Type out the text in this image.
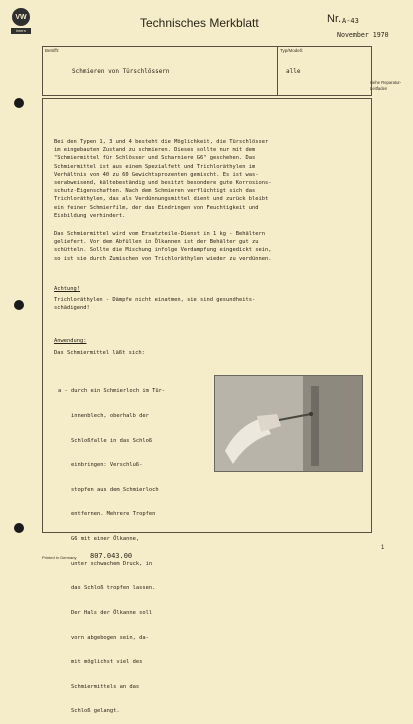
VW
intern
Technisches Merkblatt	Nr. A-43
November 1970
Betrifft:
Schmieren von Türschlössern
Typ/Modell:
alle
siehe Reparatur-Leitfaden
Bei den Typen 1, 3 und 4 besteht die Möglichkeit, die Türschlösser
im eingebauten Zustand zu schmieren. Dieses sollte nur mit dem
"Schmiermittel für Schlösser und Scharniere G6" geschehen. Das
Schmiermittel ist aus einem Spezialfett und Trichloräthylen im
Verhältnis von 40 zu 60 Gewichtsprozenten gemischt. Es ist was-
serabweisend, kältebeständig und besitzt besondere gute Korrosions-
schutz-Eigenschaften. Nach dem Schmieren verflüchtigt sich das
Trichloräthylen, das als Verdünnungsmittel dient und zurück bleibt
ein feiner Schmierfilm, der das Eindringen von Feuchtigkeit und
Eisbildung verhindert.
Das Schmiermittel wird vom Ersatzteile-Dienst in 1 kg - Behältern
geliefert. Vor dem Abfüllen in Ölkannen ist der Behälter gut zu
schütteln. Sollte die Mischung infolge Verdampfung eingedickt sein,
so ist sie durch Zumischen von Trichloräthylen wieder zu verdünnen.
Achtung!
Trichloräthylen - Dämpfe nicht einatmen, sie sind gesundheits-
schädigend!
Anwendung:
Das Schmiermittel läßt sich:

a - durch ein Schmierloch im Tür-

innenblech, oberhalb der

Schloßfalle in das Schloß

einbringen: Verschluß-

stopfen aus dem Schmierloch

entfernen. Mehrere Tropfen

G6 mit einer Ölkanne,

unter schwachem Druck, in

das Schloß tropfen lassen.

Der Hals der Ölkanne soll

vorn abgebogen sein, da-

mit möglichst viel des

Schmiermittels an das

Schloß gelangt.

1
Printed in Germany 807.043.00
